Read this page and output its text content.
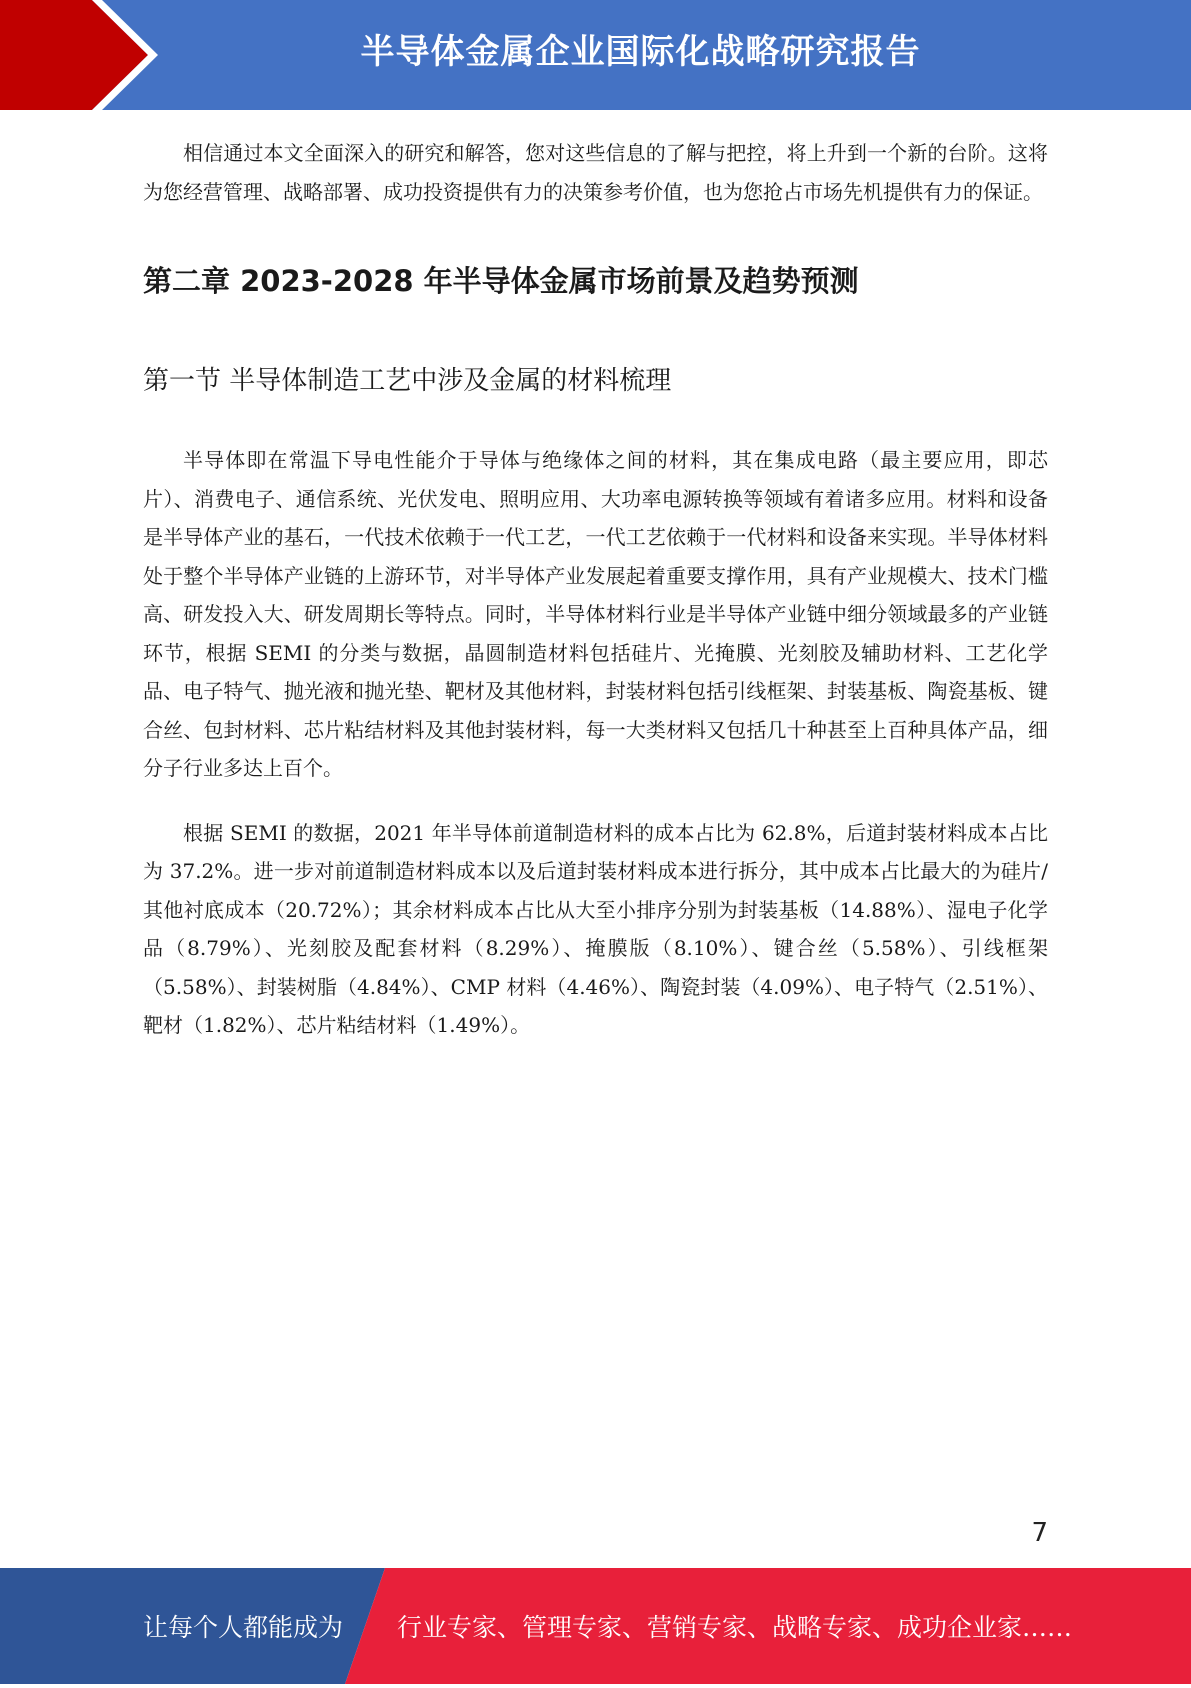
半导体金属企业国际化战略研究报告

相信通过本文全面深入的研究和解答，您对这些信息的了解与把控，将上升到一个新的台阶。这将为您经营管理、战略部署、成功投资提供有力的决策参考价值，也为您抢占市场先机提供有力的保证。

第二章 2023-2028 年半导体金属市场前景及趋势预测
第一节 半导体制造工艺中涉及金属的材料梳理

半导体即在常温下导电性能介于导体与绝缘体之间的材料，其在集成电路（最主要应用，即芯片）、消费电子、通信系统、光伏发电、照明应用、大功率电源转换等领域有着诸多应用。材料和设备是半导体产业的基石，一代技术依赖于一代工艺，一代工艺依赖于一代材料和设备来实现。半导体材料处于整个半导体产业链的上游环节，对半导体产业发展起着重要支撑作用，具有产业规模大、技术门槛高、研发投入大、研发周期长等特点。同时，半导体材料行业是半导体产业链中细分领域最多的产业链环节，根据 SEMI 的分类与数据，晶圆制造材料包括硅片、光掩膜、光刻胶及辅助材料、工艺化学品、电子特气、抛光液和抛光垫、靶材及其他材料，封装材料包括引线框架、封装基板、陶瓷基板、键合丝、包封材料、芯片粘结材料及其他封装材料，每一大类材料又包括几十种甚至上百种具体产品，细分子行业多达上百个。

根据 SEMI 的数据，2021 年半导体前道制造材料的成本占比为 62.8%，后道封装材料成本占比为 37.2%。进一步对前道制造材料成本以及后道封装材料成本进行拆分，其中成本占比最大的为硅片/其他衬底成本（20.72%）；其余材料成本占比从大至小排序分别为封装基板（14.88%）、湿电子化学品（8.79%）、光刻胶及配套材料（8.29%）、掩膜版（8.10%）、键合丝（5.58%）、引线框架（5.58%）、封装树脂（4.84%）、CMP 材料（4.46%）、陶瓷封装（4.09%）、电子特气（2.51%）、靶材（1.82%）、芯片粘结材料（1.49%）。

7
让每个人都能成为 行业专家、管理专家、营销专家、战略专家、成功企业家……
